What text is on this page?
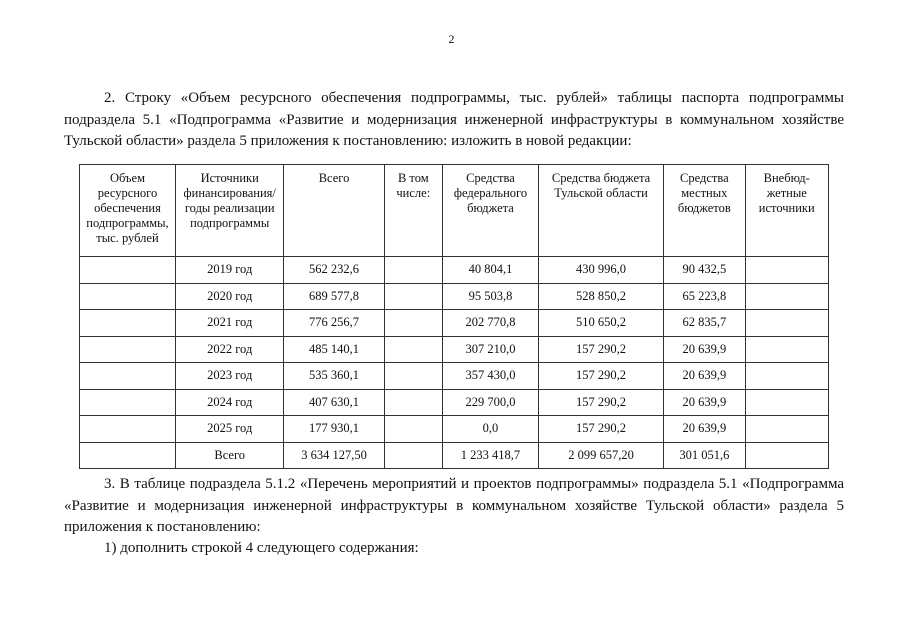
2

2. Строку «Объем ресурсного обеспечения подпрограммы, тыс. рублей» таблицы паспорта подпрограммы подраздела 5.1 «Подпрограмма «Развитие и модернизация инженерной инфраструктуры в коммунальном хозяйстве Тульской области» раздела 5 приложения к постановлению: изложить в новой редакции:

Объем ресурсного обеспечения подпрограммы, тыс. рублей	Источники финансирования/ годы реализации подпрограммы	Всего	В том числе:	Средства федерального бюджета	Средства бюджета Тульской области	Средства местных бюджетов	Внебюд-жетные источники
	2019 год	562 232,6		40 804,1	430 996,0	90 432,5	
	2020 год	689 577,8		95 503,8	528 850,2	65 223,8	
	2021 год	776 256,7		202 770,8	510 650,2	62 835,7	
	2022 год	485 140,1		307 210,0	157 290,2	20 639,9	
	2023 год	535 360,1		357 430,0	157 290,2	20 639,9	
	2024 год	407 630,1		229 700,0	157 290,2	20 639,9	
	2025 год	177 930,1		0,0	157 290,2	20 639,9	
	Всего	3 634 127,50		1 233 418,7	2 099 657,20	301 051,6	

3. В таблице подраздела 5.1.2 «Перечень мероприятий и проектов подпрограммы» подраздела 5.1 «Подпрограмма «Развитие и модернизация инженерной инфраструктуры в коммунальном хозяйстве Тульской области» раздела 5 приложения к постановлению:

1) дополнить строкой 4 следующего содержания:
